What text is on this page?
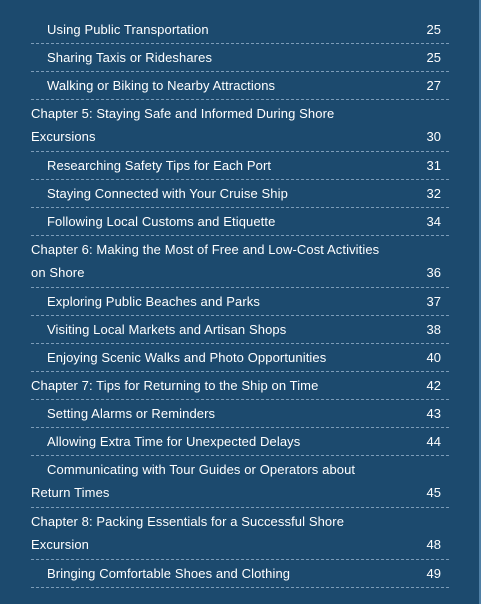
Using Public Transportation	25
Sharing Taxis or Rideshares	25
Walking or Biking to Nearby Attractions	27
Chapter 5: Staying Safe and Informed During Shore
Excursions	30
Researching Safety Tips for Each Port	31
Staying Connected with Your Cruise Ship	32
Following Local Customs and Etiquette	34
Chapter 6: Making the Most of Free and Low-Cost Activities
on Shore	36
Exploring Public Beaches and Parks	37
Visiting Local Markets and Artisan Shops	38
Enjoying Scenic Walks and Photo Opportunities	40
Chapter 7: Tips for Returning to the Ship on Time	42
Setting Alarms or Reminders	43
Allowing Extra Time for Unexpected Delays	44
Communicating with Tour Guides or Operators about
Return Times	45
Chapter 8: Packing Essentials for a Successful Shore
Excursion	48
Bringing Comfortable Shoes and Clothing	49
